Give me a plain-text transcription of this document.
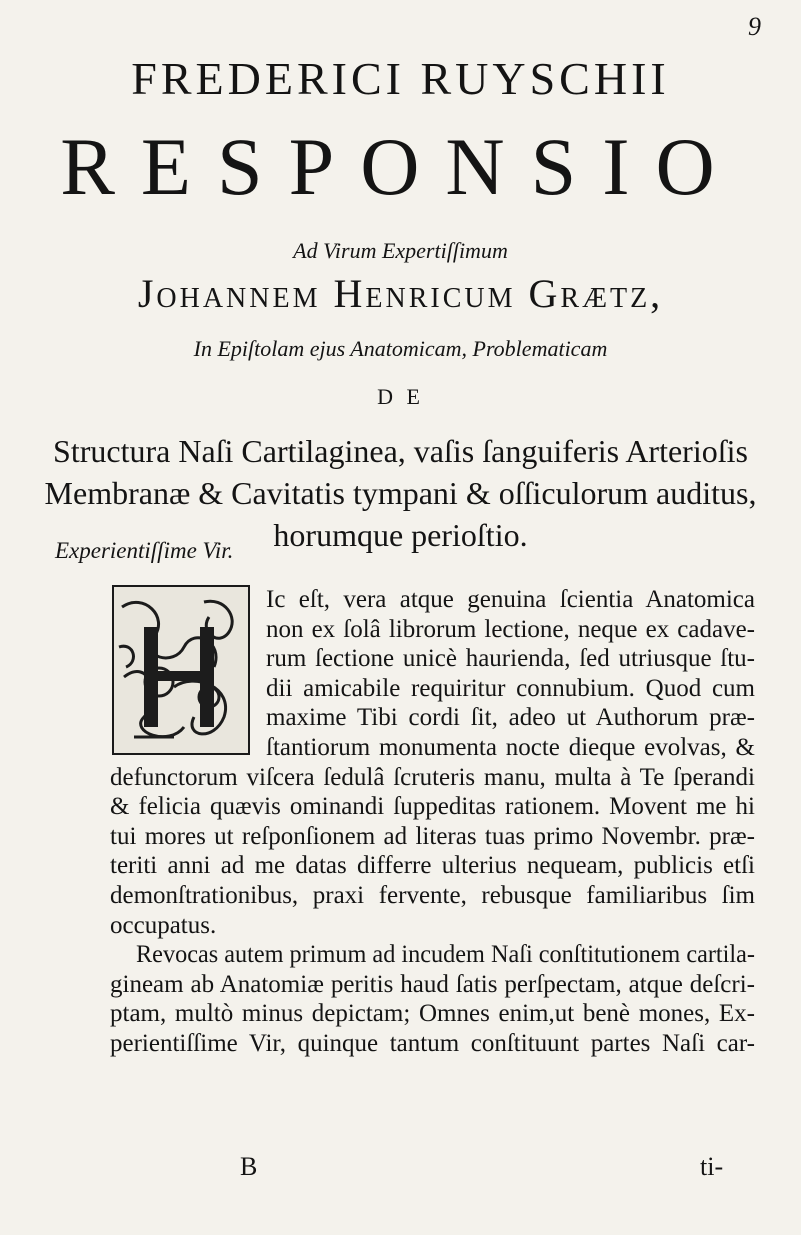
9
FREDERICI RUYSCHII
RESPONSIO
Ad Virum Expertiſſimum
Johannem Henricum Grætz,
In Epiſtolam ejus Anatomicam, Problematicam
D E
Structura Naſi Cartilaginea, vaſis ſanguiferis Arterioſis
Membranæ & Cavitatis tympani & oſſiculorum auditus,
horumque perioſtio.
Experientiſſime Vir.
Ic eſt, vera atque genuina ſcientia Anatomica
non ex ſolâ librorum lectione, neque ex cadave-
rum ſectione unicè haurienda, ſed utriusque ſtu-
dii amicabile requiritur connubium. Quod cum
maxime Tibi cordi ſit, adeo ut Authorum præ-
ſtantiorum monumenta nocte dieque evolvas, &
defunctorum viſcera ſedulâ ſcruteris manu, multa à Te ſperandi
& felicia quævis ominandi ſuppeditas rationem. Movent me hi
tui mores ut reſponſionem ad literas tuas primo Novembr. præ-
teriti anni ad me datas differre ulterius nequeam, publicis etſi
demonſtrationibus, praxi fervente, rebusque familiaribus ſim
occupatus.
Revocas autem primum ad incudem Naſi conſtitutionem cartila-
gineam ab Anatomiæ peritis haud ſatis perſpectam, atque deſcri-
ptam, multò minus depictam; Omnes enim,ut benè mones, Ex-
perientiſſime Vir, quinque tantum conſtituunt partes Naſi car-
B	ti-
